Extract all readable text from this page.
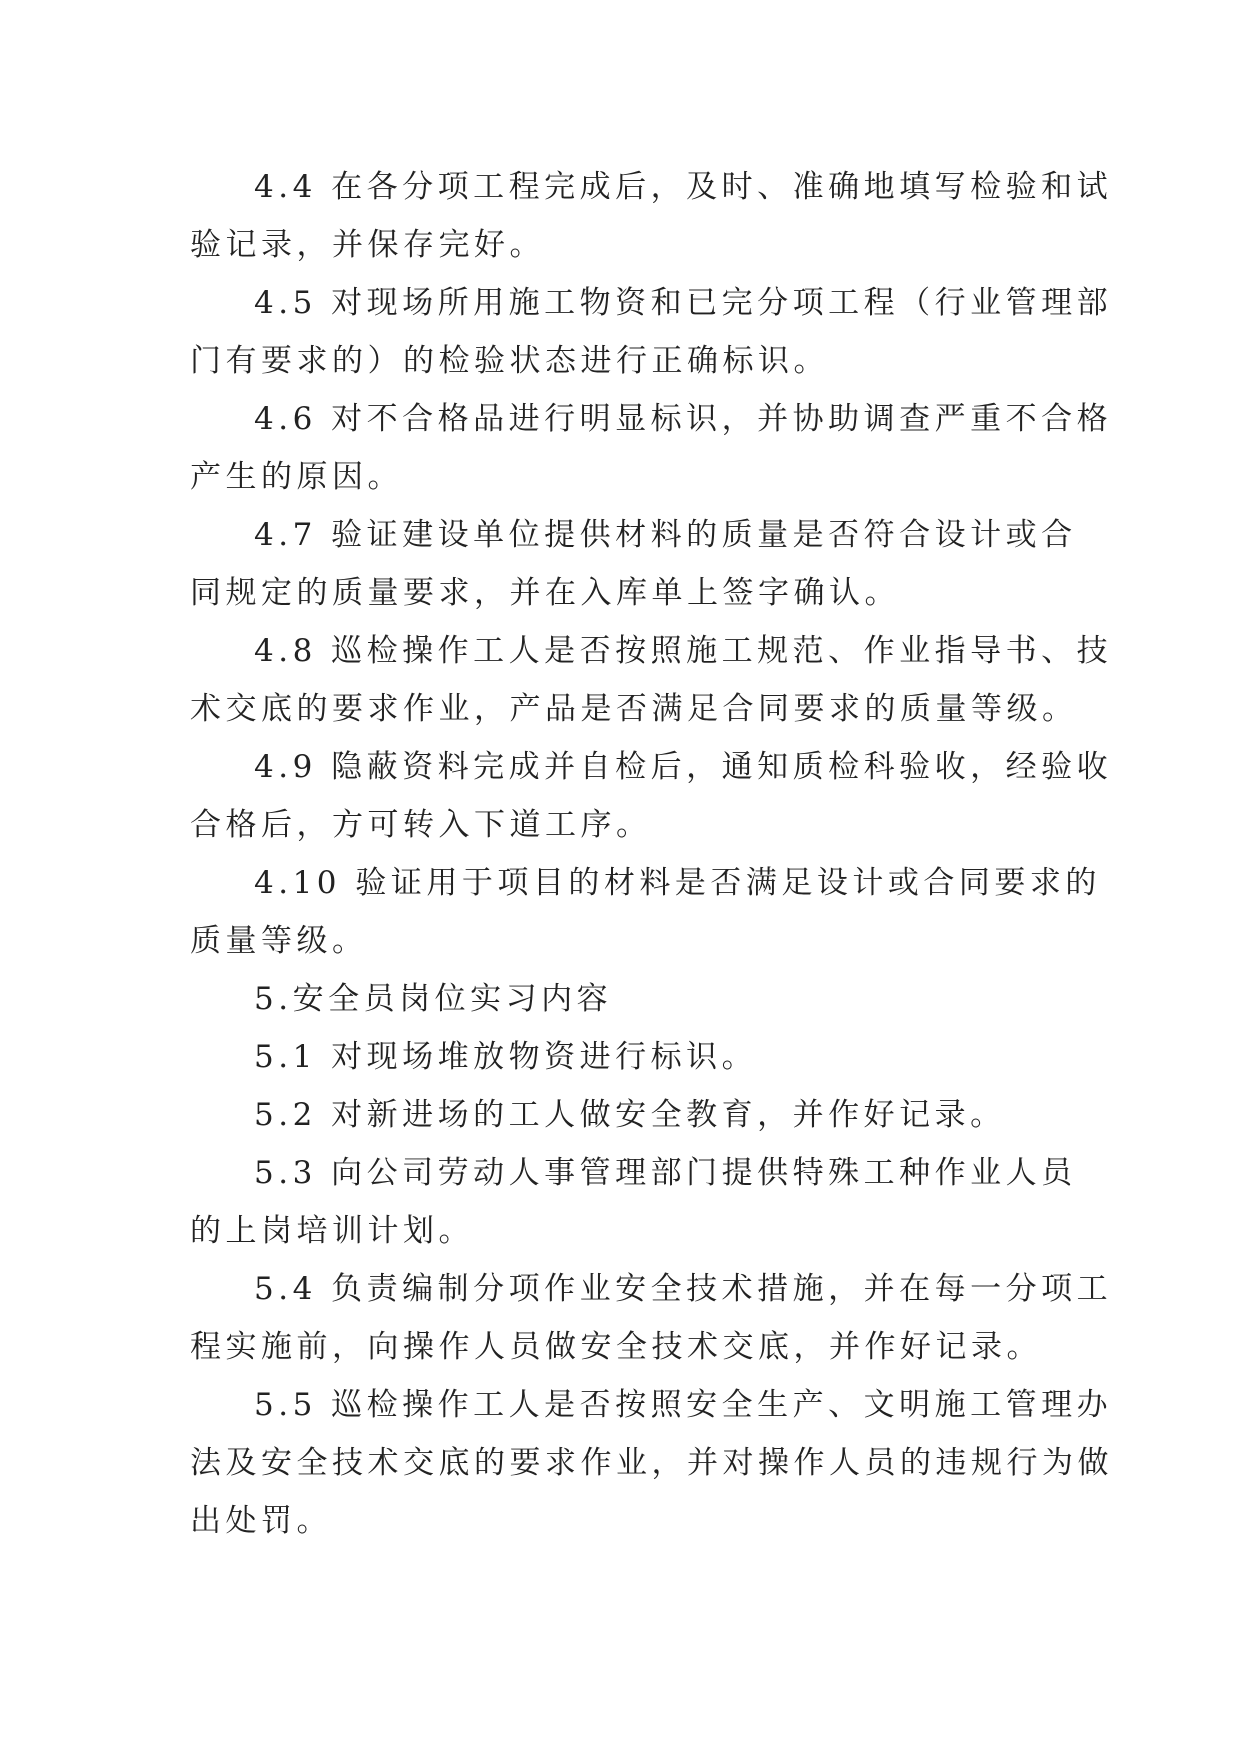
4.4 在各分项工程完成后，及时、准确地填写检验和试
验记录，并保存完好。

4.5 对现场所用施工物资和已完分项工程（行业管理部
门有要求的）的检验状态进行正确标识。

4.6 对不合格品进行明显标识，并协助调查严重不合格
产生的原因。

4.7 验证建设单位提供材料的质量是否符合设计或合
同规定的质量要求，并在入库单上签字确认。

4.8 巡检操作工人是否按照施工规范、作业指导书、技
术交底的要求作业，产品是否满足合同要求的质量等级。

4.9 隐蔽资料完成并自检后，通知质检科验收，经验收
合格后，方可转入下道工序。

4.10 验证用于项目的材料是否满足设计或合同要求的
质量等级。

5.安全员岗位实习内容

5.1 对现场堆放物资进行标识。

5.2 对新进场的工人做安全教育，并作好记录。

5.3 向公司劳动人事管理部门提供特殊工种作业人员
的上岗培训计划。

5.4 负责编制分项作业安全技术措施，并在每一分项工
程实施前，向操作人员做安全技术交底，并作好记录。

5.5 巡检操作工人是否按照安全生产、文明施工管理办
法及安全技术交底的要求作业，并对操作人员的违规行为做
出处罚。
